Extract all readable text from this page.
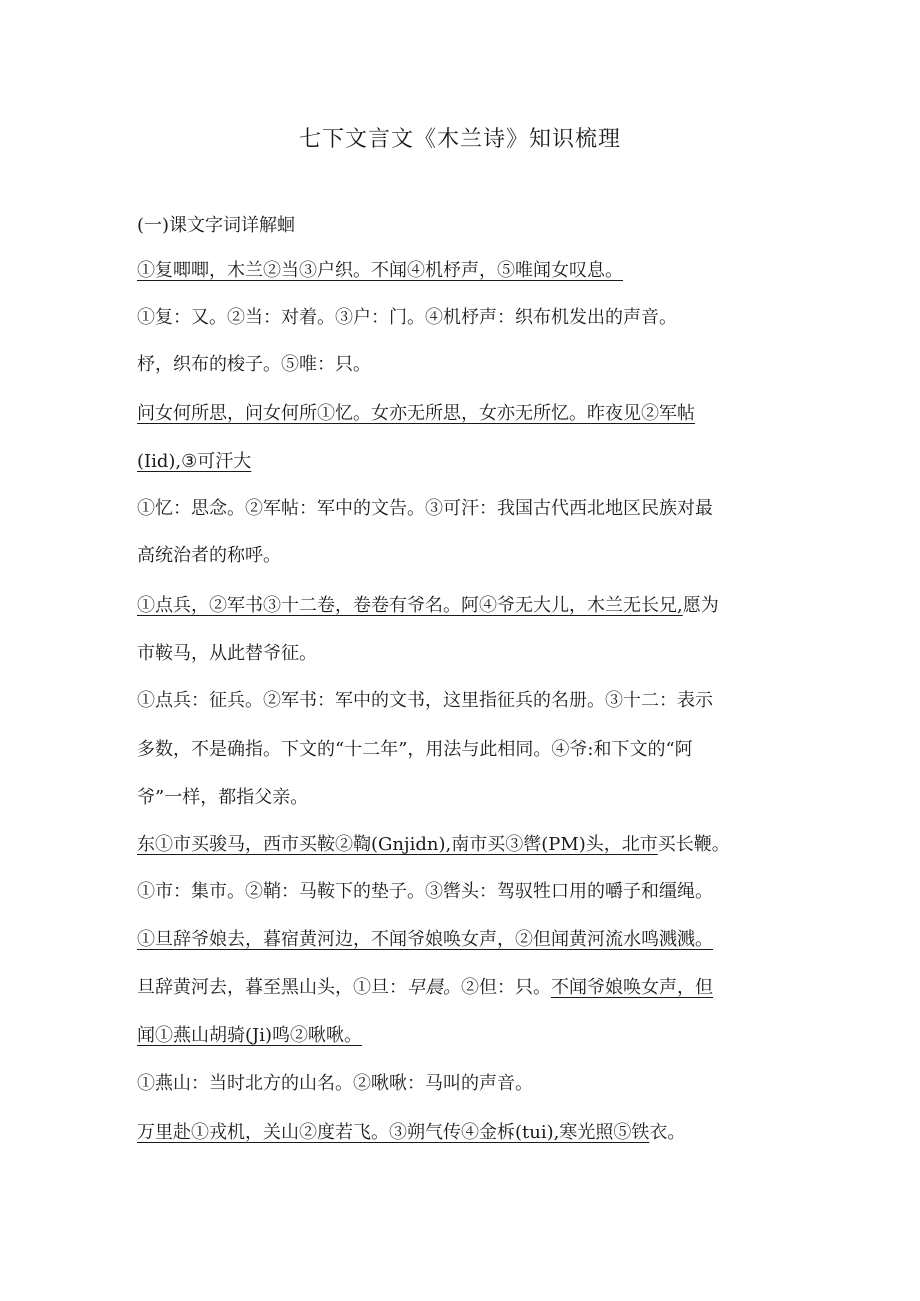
七下文言文《木兰诗》知识梳理
(一)课文字词详解蛔
①复唧唧，木兰②当③户织。不闻④机杼声，⑤唯闻女叹息。
①复：又。②当：对着。③户：门。④机杼声：织布机发出的声音。
杼，织布的梭子。⑤唯：只。
问女何所思，问女何所①忆。女亦无所思，女亦无所忆。昨夜见②军帖
(Iid),③可汗大
①忆：思念。②军帖：军中的文告。③可汗：我国古代西北地区民族对最
高统治者的称呼。
①点兵，②军书③十二卷，卷卷有爷名。阿④爷无大儿，木兰无长兄,愿为
市鞍马，从此替爷征。
①点兵：征兵。②军书：军中的文书，这里指征兵的名册。③十二：表示
多数，不是确指。下文的“十二年”，用法与此相同。④爷:和下文的“阿
爷”一样，都指父亲。
东①市买骏马，西市买鞍②鞫(Gnjidn),南市买③辔(PM)头，北市买长鞭。
①市：集市。②鞘：马鞍下的垫子。③辔头：驾驭牲口用的嚼子和缰绳。
①旦辞爷娘去，暮宿黄河边，不闻爷娘唤女声，②但闻黄河流水鸣溅溅。
旦辞黄河去，暮至黑山头，①旦：早晨。②但：只。不闻爷娘唤女声，但
闻①燕山胡骑(Ji)鸣②啾啾。
①燕山：当时北方的山名。②啾啾：马叫的声音。
万里赴①戎机，关山②度若飞。③朔气传④金柝(tui),寒光照⑤铁衣。
